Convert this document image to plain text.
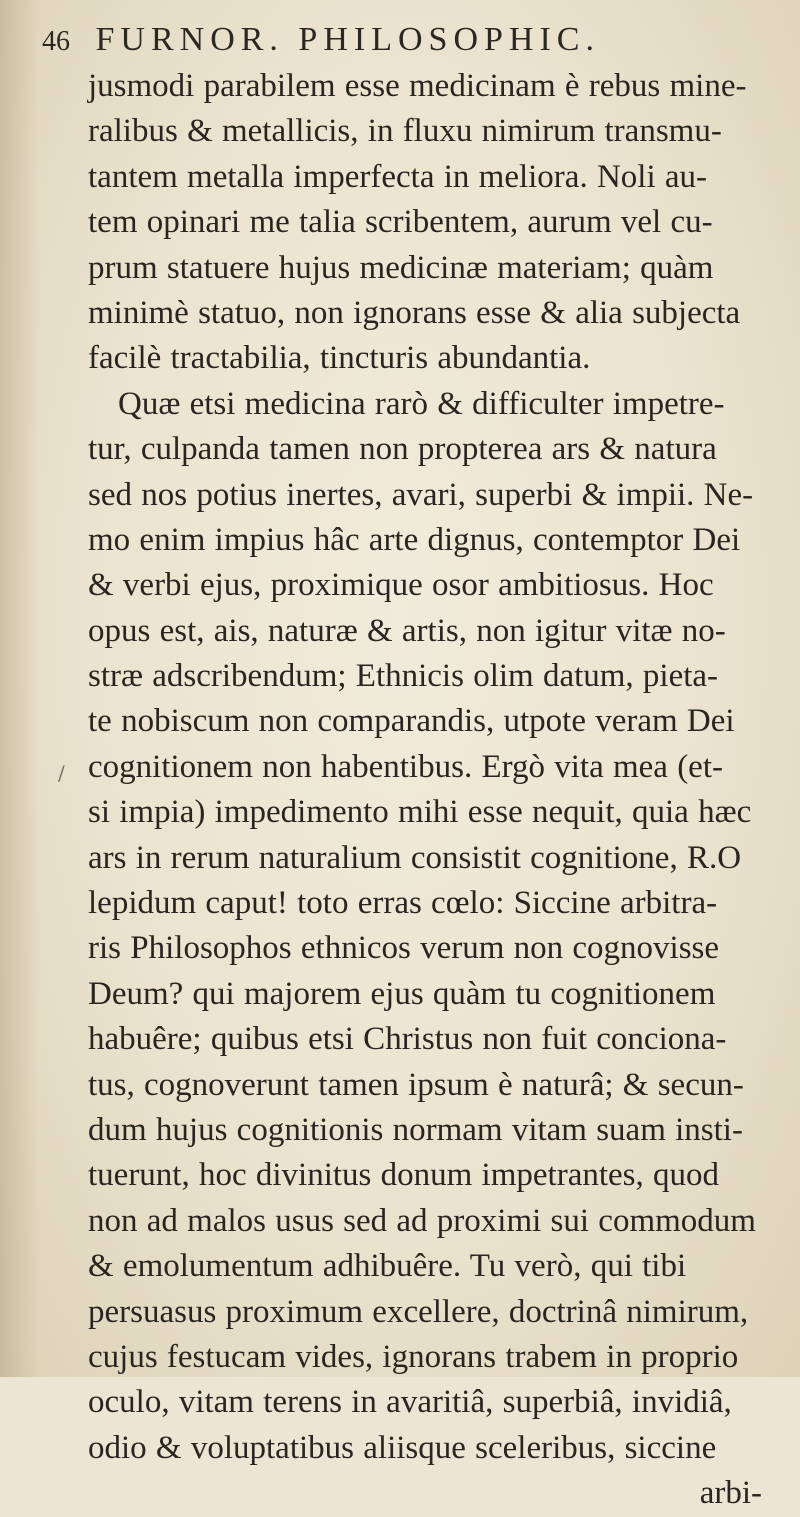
46 FURNOR. PHILOSOPHIC.
/
jusmodi parabilem esse medicinam è rebus mine-
ralibus & metallicis, in fluxu nimirum transmu-
tantem metalla imperfecta in meliora. Noli au-
tem opinari me talia scribentem, aurum vel cu-
prum statuere hujus medicinæ materiam; quàm
minimè statuo, non ignorans esse & alia subjecta
facilè tractabilia, tincturis abundantia.
Quæ etsi medicina rarò & difficulter impetre-
tur, culpanda tamen non propterea ars & natura
sed nos potius inertes, avari, superbi & impii. Ne-
mo enim impius hâc arte dignus, contemptor Dei
& verbi ejus, proximique osor ambitiosus. Hoc
opus est, ais, naturæ & artis, non igitur vitæ no-
stræ adscribendum; Ethnicis olim datum, pieta-
te nobiscum non comparandis, utpote veram Dei
cognitionem non habentibus. Ergò vita mea (et-
si impia) impedimento mihi esse nequit, quia hæc
ars in rerum naturalium consistit cognitione, R.O
lepidum caput! toto erras cœlo: Siccine arbitra-
ris Philosophos ethnicos verum non cognovisse
Deum? qui majorem ejus quàm tu cognitionem
habuêre; quibus etsi Christus non fuit conciona-
tus, cognoverunt tamen ipsum è naturâ; & secun-
dum hujus cognitionis normam vitam suam insti-
tuerunt, hoc divinitus donum impetrantes, quod
non ad malos usus sed ad proximi sui commodum
& emolumentum adhibuêre. Tu verò, qui tibi
persuasus proximum excellere, doctrinâ nimirum,
cujus festucam vides, ignorans trabem in proprio
oculo, vitam terens in avaritiâ, superbiâ, invidiâ,
odio & voluptatibus aliisque sceleribus, siccine
arbi-
